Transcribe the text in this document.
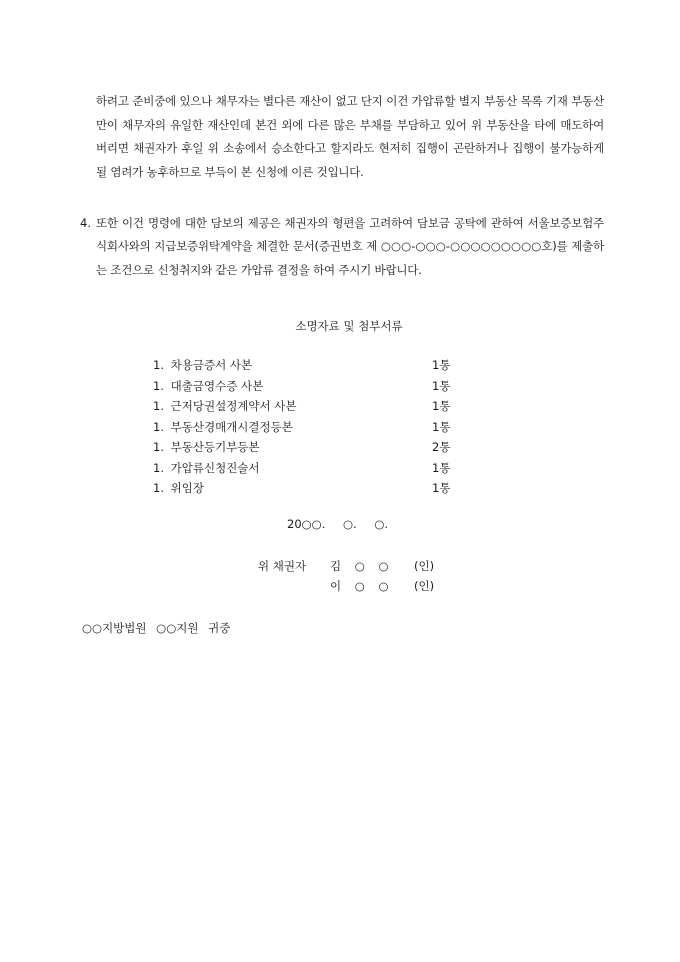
하려고 준비중에 있으나 채무자는 별다른 재산이 없고 단지 이건 가압류할 별지 부동산 목록 기재 부동산만이 채무자의 유일한 재산인데 본건 외에 다른 많은 부채를 부담하고 있어 위 부동산을 타에 매도하여 버리면 채권자가 후일 위 소송에서 승소한다고 할지라도 현저히 집행이 곤란하거나 집행이 불가능하게 될 염려가 농후하므로 부득이 본 신청에 이른 것입니다.

4. 또한 이건 명령에 대한 담보의 제공은 채권자의 형편을 고려하여 담보금 공탁에 관하여 서울보증보험주식회사와의 지급보증위탁계약을 체결한 문서(증권번호 제 ○○○-○○○-○○○○○○○○○호)를 제출하는 조건으로 신청취지와 같은 가압류 결정을 하여 주시기 바랍니다.
소명자료 및 첨부서류
1. 차용금증서 사본	1통
1. 대출금영수증 사본	1통
1. 근저당권설정계약서 사본	1통
1. 부동산경매개시결정등본	1통
1. 부동산등기부등본	2통
1. 가압류신청진술서	1통
1. 위임장	1통
20○○. ○. ○.
위 채권자 김 ○ ○ (인)
이 ○ ○ (인)
○○지방법원 ○○지원 귀중
